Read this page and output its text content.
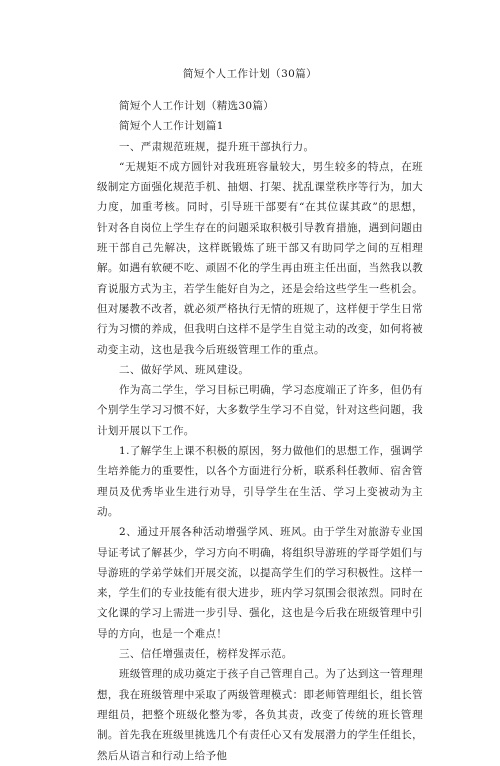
简短个人工作计划（30篇）

简短个人工作计划（精选30篇）

简短个人工作计划篇1

一、严肃规范班规，提升班干部执行力。

“无规矩不成方圆针对我班班容量较大，男生较多的特点，在班级制定方面强化规范手机、抽烟、打架、扰乱课堂秩序等行为，加大力度，加重考核。同时，引导班干部要有“在其位谋其政”的思想，针对各自岗位上学生存在的问题采取积极引导教育措施，遇到问题由班干部自己先解决，这样既锻炼了班干部又有助同学之间的互相理解。如遇有软硬不吃、顽固不化的学生再由班主任出面，当然我以教育说服方式为主，若学生能好自为之，还是会给这些学生一些机会。但对屡教不改者，就必须严格执行无情的班规了，这样便于学生日常行为习惯的养成，但我明白这样不是学生自觉主动的改变，如何将被动变主动，这也是我今后班级管理工作的重点。

二、做好学风、班风建设。

作为高二学生，学习目标已明确，学习态度端正了许多，但仍有个别学生学习习惯不好，大多数学生学习不自觉，针对这些问题，我计划开展以下工作。

1.了解学生上课不积极的原因，努力做他们的思想工作，强调学生培养能力的重要性，以各个方面进行分析，联系科任教师、宿舍管理员及优秀毕业生进行劝导，引导学生在生活、学习上变被动为主动。

2、通过开展各种活动增强学风、班风。由于学生对旅游专业国导证考试了解甚少，学习方向不明确，将组织导游班的学哥学姐们与导游班的学弟学妹们开展交流，以提高学生们的学习积极性。这样一来，学生们的专业技能有很大进步，班内学习氛围会很浓烈。同时在文化课的学习上需进一步引导、强化，这也是今后我在班级管理中引导的方向，也是一个难点！

三、信任增强责任，榜样发挥示范。

班级管理的成功奠定于孩子自己管理自己。为了达到这一管理理想，我在班级管理中采取了两级管理模式：即老师管理组长，组长管理组员，把整个班级化整为零，各负其责，改变了传统的班长管理制。首先我在班级里挑选几个有责任心又有发展潜力的学生任组长，然后从语言和行动上给予他
